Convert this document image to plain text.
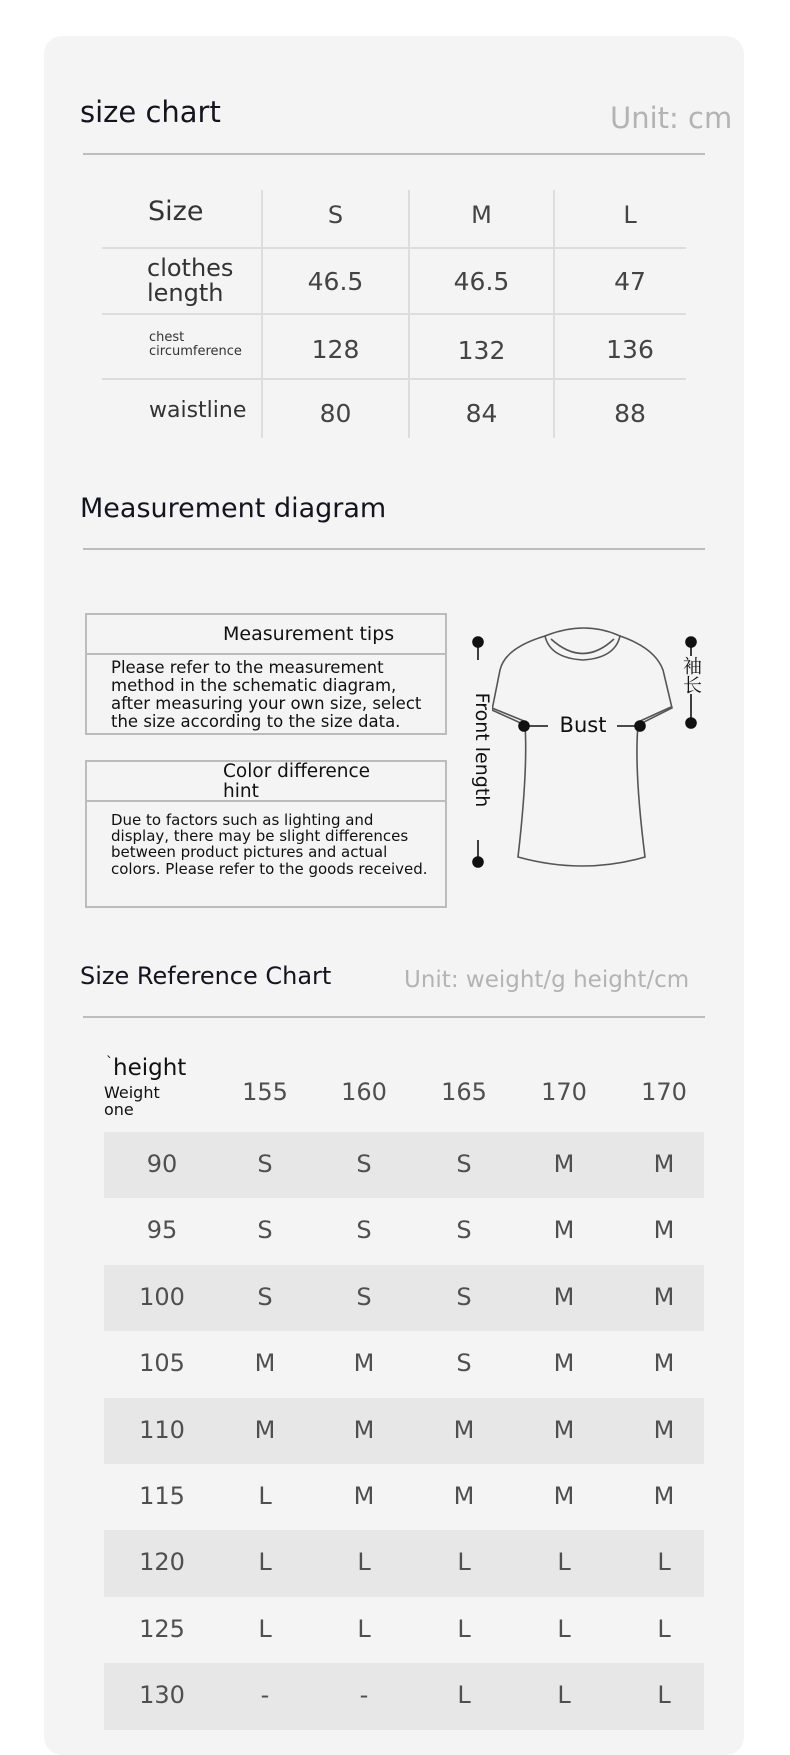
size chart	Unit: cm
Size	S	M	L
clothes
length	46.5	46.5	47
chest
circumference	128	132	136
waistline	80	84	88
Measurement diagram
Measurement tips
Please refer to the measurement method in the schematic diagram, after measuring your own size, select the size according to the size data.
Color difference hint
Due to factors such as lighting and display, there may be slight differences between product pictures and actual colors. Please refer to the goods received.
Front length	Bust
袖长
Size Reference Chart	Unit: weight/g height/cm
`height
Weight
one
155	160	165	170	170
90	S	S	S	M	M
95	S	S	S	M	M
100	S	S	S	M	M
105	M	M	S	M	M
110	M	M	M	M	M
115	L	M	M	M	M
120	L	L	L	L	L
125	L	L	L	L	L
130	-	-	L	L	L
